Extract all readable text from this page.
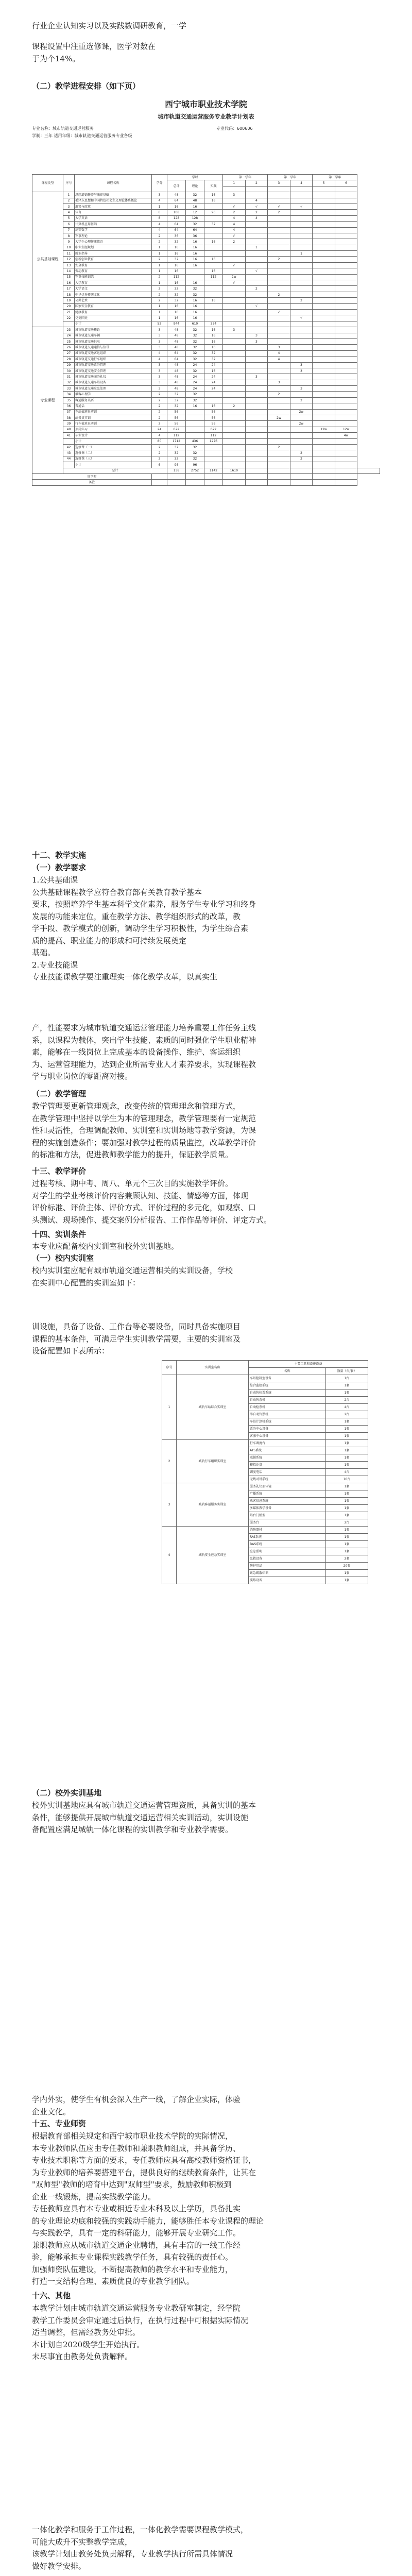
行业企业认知实习以及实践数调研教育，一学

课程设置中注重选修课，医学对数在

于为个14%。

（二）教学进程安排（如下页）

西宁城市职业技术学院

城市轨道交通运营服务专业教学计划表

专业名称：城市轨道交通运营服务	专业代码：600606
学制：三年 适用年级：城市轨道交通运营服务专业各级
课程类型	序号	课程名称	学分	学时			第一学年		第二学年		第三学年		
				总计	理论	实践	1	2	3	4	5	6	

公共基础课程	1	思想道德修养与法律基础	3	48	32	16	3						
	2	毛泽东思想和中国特色社会主义理论体系概论	4	64	48	16		4					
	3	形势与政策	1	16	16		√	√	√	√			
	4	体育	6	108	12	96	2	2	2				
	5	大学英语	8	128	128		4	4					
	6	计算机应用基础	4	64	32	32	4						
	7	高等数学	4	64	64		4						
	8	军事理论	2	36	36		√						
	9	大学生心理健康教育	2	32	16	16	2						
	10	职业生涯规划	1	16	16			1					
	11	就业指导	1	16	16					1			
	12	创新创业教育	2	32	16	16			2				
	13	安全教育	1	16	16		√						
	14	劳动教育	1	16		16		√					
	15	军事技能训练	2	112		112	2w						
	16	入学教育	1	16	16		√						
	17	大学语文	2	32	32			2					
	18	中华优秀传统文化	2	32	32				2				
	19	公共艺术	2	32	16	16				2			
	20	国家安全教育	1	16	16			√					
	21	健康教育	1	16	16				√				
	22	党史国史	1	16	16					√			
		小计	52	944	610	334							
专业课程	23	城市轨道交通概论	3	48	32	16	3						
	24	城市轨道交通车辆	3	48	32	16		3					
	25	城市轨道交通供电	3	48	32	16		3					
	26	城市轨道交通通信与信号	3	48	32	16			3				
	27	城市轨道交通客运组织	4	64	32	32			4				
	28	城市轨道交通行车组织	4	64	32	32			4				
	29	城市轨道交通票务管理	3	48	24	24				3			
	30	城市轨道交通安全管理	3	48	32	16				3			
	31	城市轨道交通服务礼仪	3	48	24	24		3					
	32	城市轨道交通车站设备	3	48	24	24			3				
	33	城市轨道交通应急处理	3	48	24	24				3			
	34	乘客心理学	2	32	32				2				
	35	客运服务英语	2	32	32					2			
	36	普通话	2	32	16	16	2						
	37	车站值班员实训	2	56		56				2w			
	38	站务员实训	2	56		56			2w				
	39	行车值班员实训	2	56		56				2w			
	40	顶岗实习	24	672		672					12w	12w	
	41	毕业设计	4	112		112						4w	
		小计	80	1712	436	1276							
	42	选修课（一）	2	32	32				2				
	43	选修课（二）	2	32	32					2			
	44	选修课（三）	2	32	32					2			
		小计	6	96	96								
	总计			138	2752	1142	1610						
周学时													
备注													

十二、教学实施

（一）教学要求

1.公共基础课

公共基础课程教学应符合教育部有关教育教学基本

要求，按照培养学生基本科学文化素养，服务学生专业学习和终身

发展的功能来定位，重在教学方法、教学组织形式的改革，教

学手段、教学模式的创新，调动学生学习积极性，为学生综合素

质的提高、职业能力的形成和可持续发展奠定

基础。

2.专业技能课

专业技能课教学要注重理实一体化教学改革，以真实生

产，性能要求为城市轨道交通运营管理能力培养重要工作任务主线

系，以课程为载体，突出学生技能、素质的同时强化学生职业精神

素，能够在一线岗位上完成基本的设备操作、维护、客运组织

为、运营管理能力，达到企业所需专业人才素养要求，实现课程教

学与职业岗位的零距离对接。

（二）教学管理

教学管理要更新管理观念，改变传统的管理理念和管理方式，

在教学管理中坚持以学生为本的管理理念，教学管理要有一定规范

性和灵活性，合理调配教师、实训室和实训场地等教学资源，为课

程的实施创造条件；要加强对教学过程的质量监控，改革教学评价

的标准和方法，促进教师教学能力的提升，保证教学质量。

十三、教学评价

过程考核、期中考、周八、单元个三次目的实施教学评价。

对学生的学业考核评价内容兼顾认知、技能、情感等方面，体现

评价标准、评价主体、评价方式、评价过程的多元化，如观察、口

头测试、现场操作、提交案例分析报告、工作作品等评价、评定方式。

十四、实训条件

本专业应配备校内实训室和校外实训基地。

（一）校内实训室

校内实训室应配有城市轨道交通运营相关的实训设备，学校

在实训中心配置的实训室如下：

训设施，具备了设备、工作台等必要设备，同时具备实施项目

课程的基本条件，可满足学生实训教学需要，主要的实训室及

设备配置如下表所示：

序号	实训室名称	主要工具和设施设备	
		名称	数量（台/套）
1	城轨车站综合实训室	车站控制室设备	1台
		综合监控系统	1套
		自动售检票系统	1套
		自动售票机	2台
		自动检票机	4台
		半自动售票机	2台
		车站计算机系统	1套
		票务中心设备	1套
		客服中心设备	1套
2	城轨行车组织实训室	行车调度台	1套
		ATS系统	1套
		联锁系统	1套
		模拟沙盘	1套
		调度电话	4台
		无线对讲系统	10台
3	城轨客运服务实训室	服务礼仪形体镜	1套
		广播系统	1套
		乘客信息系统	1套
		多媒体教学设备	1套
		站台门模型	1套
		服务台	2台
4	城轨安全应急实训室	消防器材	1套
		FAS系统	1套
		BAS系统	1套
		应急照明	1套
		急救设备	2套
		防护用品	20套
		紧急疏散标识	1套
		演练设备	1套

（二）校外实训基地

校外实训基地应具有城市轨道交通运营管理资质，具备实训的基本

条件，能够提供开展城市轨道交通运营相关实训活动，实训设施

备配置应满足城轨一体化课程的实训教学和专业教学需要。

学内外实，使学生有机会深入生产一线，了解企业实际，体验

企业文化。

十五、专业师资

根据教育部相关规定和西宁城市职业技术学院的实际情况，

本专业教师队伍应由专任教师和兼职教师组成，并具备学历、

专业技术职称等方面的要求，专任教师应具有高校教师资格证书，

为专业教师的培养要搭建平台，提供良好的继续教育条件，让其在

"双师型"教师的培育中达到"双师型"要求，鼓励教师积极到

企业一线锻炼，提高实践教学能力。

专任教师应具有本专业或相近专业本科及以上学历，具备扎实

的专业理论功底和较强的实践动手能力，能够胜任本专业课程的理论

与实践教学，具有一定的科研能力，能够开展专业研究工作。

兼职教师应从城市轨道交通企业聘请，具有丰富的一线工作经

验，能够承担专业课程实践教学任务，具有较强的责任心。

加强师资队伍建设，不断提高教师的教学水平和专业能力，

打造一支结构合理、素质优良的专业教学团队。

十六、其他

本教学计划由城市轨道交通运营服务专业教研室制定，经学院

教学工作委员会审定通过后执行，在执行过程中可根据实际情况

适当调整，但需经教务处审批。

本计划自2020级学生开始执行。

未尽事宜由教务处负责解释。

一体化教学和服务于工作过程，一体化教学需要课程教学模式，

可能大成升不实整教学完成，

该教学计划由教务处负责解释，专业教学执行所需具体情况

做好教学安排。
